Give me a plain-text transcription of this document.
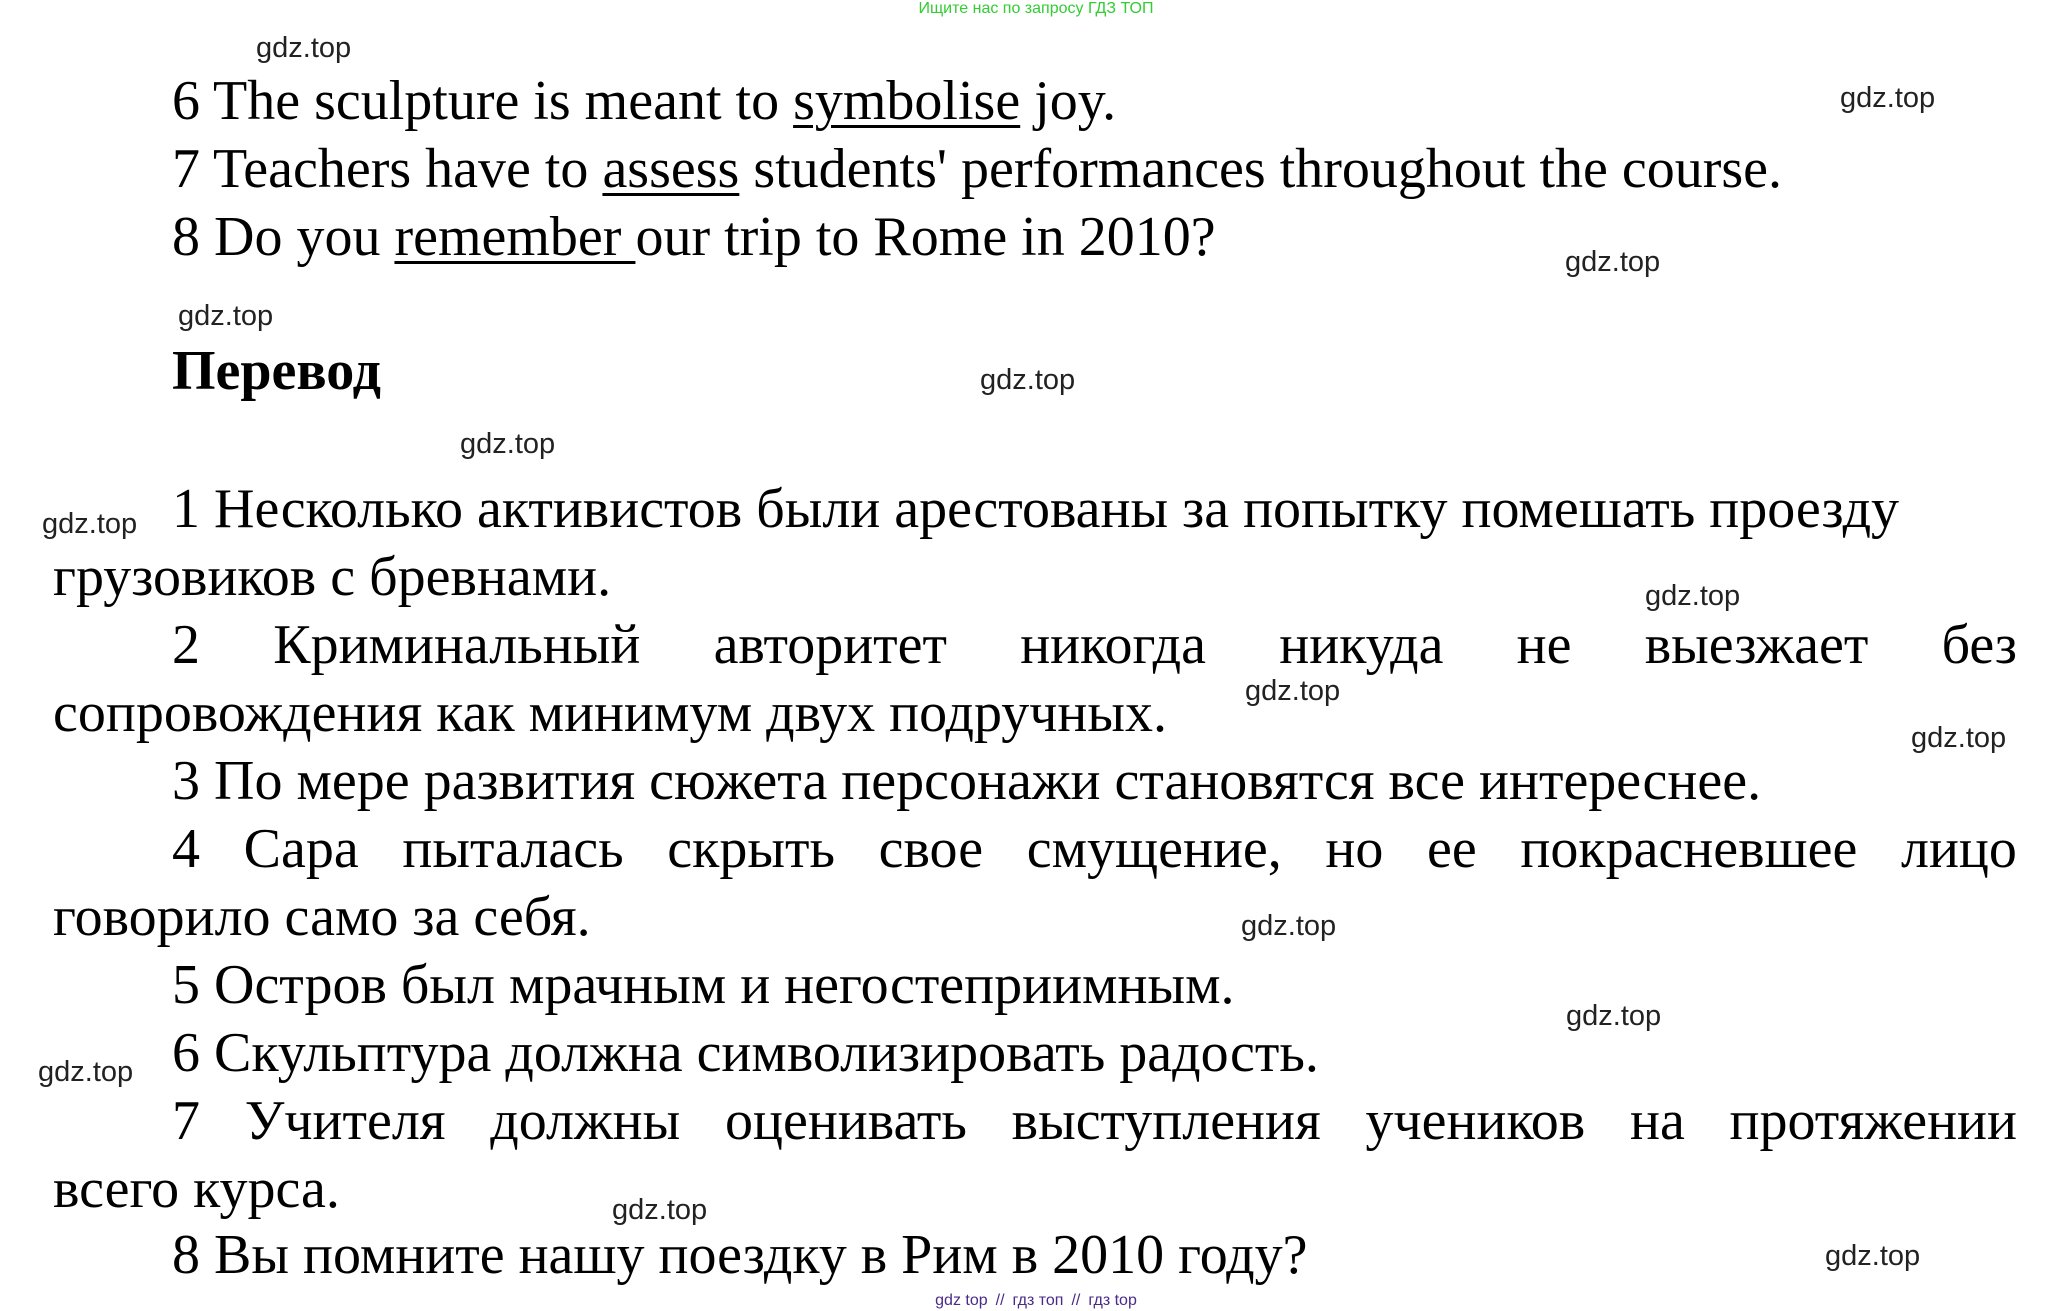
Ищите нас по запросу ГДЗ ТОП
6 The sculpture is meant to symbolise joy.
7 Teachers have to assess students' performances throughout the course.
8 Do you remember our trip to Rome in 2010?
Перевод
1 Несколько активистов были арестованы за попытку помешать проезду
грузовиков с бревнами.
2 Криминальный авторитет никогда никуда не выезжает без
сопровождения как минимум двух подручных.
3 По мере развития сюжета персонажи становятся все интереснее.
4 Сара пыталась скрыть свое смущение, но ее покрасневшее лицо
говорило само за себя.
5 Остров был мрачным и негостеприимным.
6 Скульптура должна символизировать радость.
7 Учителя должны оценивать выступления учеников на протяжении
всего курса.
8 Вы помните нашу поездку в Рим в 2010 году?
gdz.top
gdz.top
gdz.top
gdz.top
gdz.top
gdz.top
gdz.top
gdz.top
gdz.top
gdz.top
gdz.top
gdz.top
gdz.top
gdz.top
gdz.top
gdz top // гдз топ // гдз top
